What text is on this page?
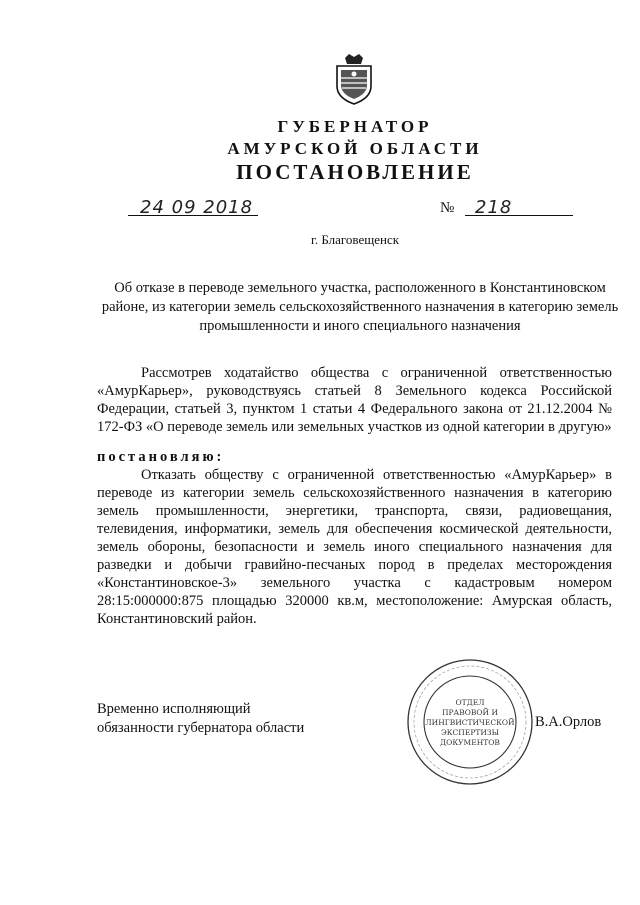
ГУБЕРНАТОР
АМУРСКОЙ ОБЛАСТИ
ПОСТАНОВЛЕНИЕ
24 09 2018	№ 218
г. Благовещенск
Об отказе в переводе земельного участка, расположенного в Константиновском районе, из категории земель сельскохозяйственного назначения в категорию земель промышленности и иного специального назначения
Рассмотрев ходатайство общества с ограниченной ответственностью «АмурКарьер», руководствуясь статьей 8 Земельного кодекса Российской Федерации, статьей 3, пунктом 1 статьи 4 Федерального закона от 21.12.2004 № 172-ФЗ «О переводе земель или земельных участков из одной категории в другую»
постановляю:
Отказать обществу с ограниченной ответственностью «АмурКарьер» в переводе из категории земель сельскохозяйственного назначения в категорию земель промышленности, энергетики, транспорта, связи, радиовещания, телевидения, информатики, земель для обеспечения космической деятельности, земель обороны, безопасности и земель иного специального назначения для разведки и добычи гравийно-песчаных пород в пределах месторождения «Константиновское-3» земельного участка с кадастровым номером 28:15:000000:875 площадью 320000 кв.м, местоположение: Амурская область, Константиновский район.
Временно исполняющий
обязанности губернатора области
ОТДЕЛ
ПРАВОВОЙ И
ЛИНГВИСТИЧЕСКОЙ
ЭКСПЕРТИЗЫ
ДОКУМЕНТОВ
В.А.Орлов
